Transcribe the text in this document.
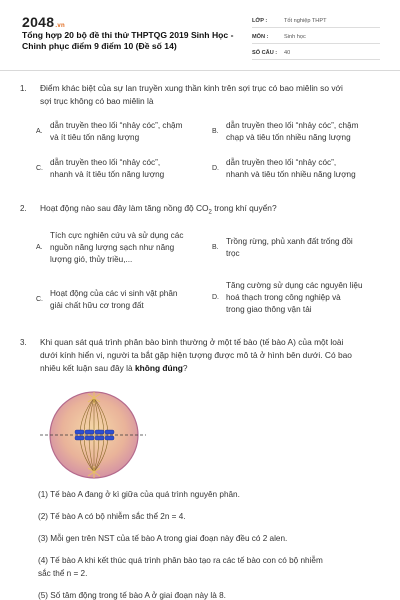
2048.vn
Tổng hợp 20 bộ đề thi thử THPTQG 2019 Sinh Học - Chinh phục điểm 9 điểm 10 (Đề số 14)
LỚP :	Tốt nghiệp THPT
MÔN :	Sinh học
SỐ CÂU :	40
1.	Điểm khác biệt của sự lan truyền xung thần kinh trên sợi trục có bao miêlin so với
sợi trục không có bao miêlin là
A.
dẫn truyền theo lối “nhảy cóc”, chậm
và ít tiêu tốn năng lượng
B.
dẫn truyền theo lối “nhảy cóc”, chậm
chạp và tiêu tốn nhiều năng lượng
C.
dẫn truyền theo lối “nhảy cóc”,
nhanh và ít tiêu tốn năng lượng
D.
dẫn truyền theo lối “nhảy cóc”,
nhanh và tiêu tốn nhiều năng lượng
2.	Hoạt động nào sau đây làm tăng nồng độ $CO_2$ trong khí quyển?
A.
Tích cực nghiên cứu và sử dụng các
nguồn năng lượng sạch như năng
lượng gió, thủy triều,...
B.
Trồng rừng, phủ xanh đất trống đồi
trọc
C.
Hoạt động của các vi sinh vật phân
giải chất hữu cơ trong đất
D.
Tăng cường sử dụng các nguyên liệu
hoá thạch trong công nghiệp và
trong giao thông vận tải
3.	Khi quan sát quá trình phân bào bình thường ở một tế bào (tế bào A) của một loài
dưới kính hiển vi, người ta bắt gặp hiện tượng được mô tả ở hình bên dưới. Có bao
nhiêu kết luận sau đây là không đúng?
(1) Tế bào A đang ở kì giữa của quá trình nguyên phân.
(2) Tế bào A có bộ nhiễm sắc thể 2n = 4.
(3) Mỗi gen trên NST của tế bào A trong giai đoạn này đều có 2 alen.
(4) Tế bào A khi kết thúc quá trình phân bào tạo ra các tế bào con có bộ nhiễm
sắc thể n = 2.
(5) Số tâm động trong tế bào A ở giai đoạn này là 8.
